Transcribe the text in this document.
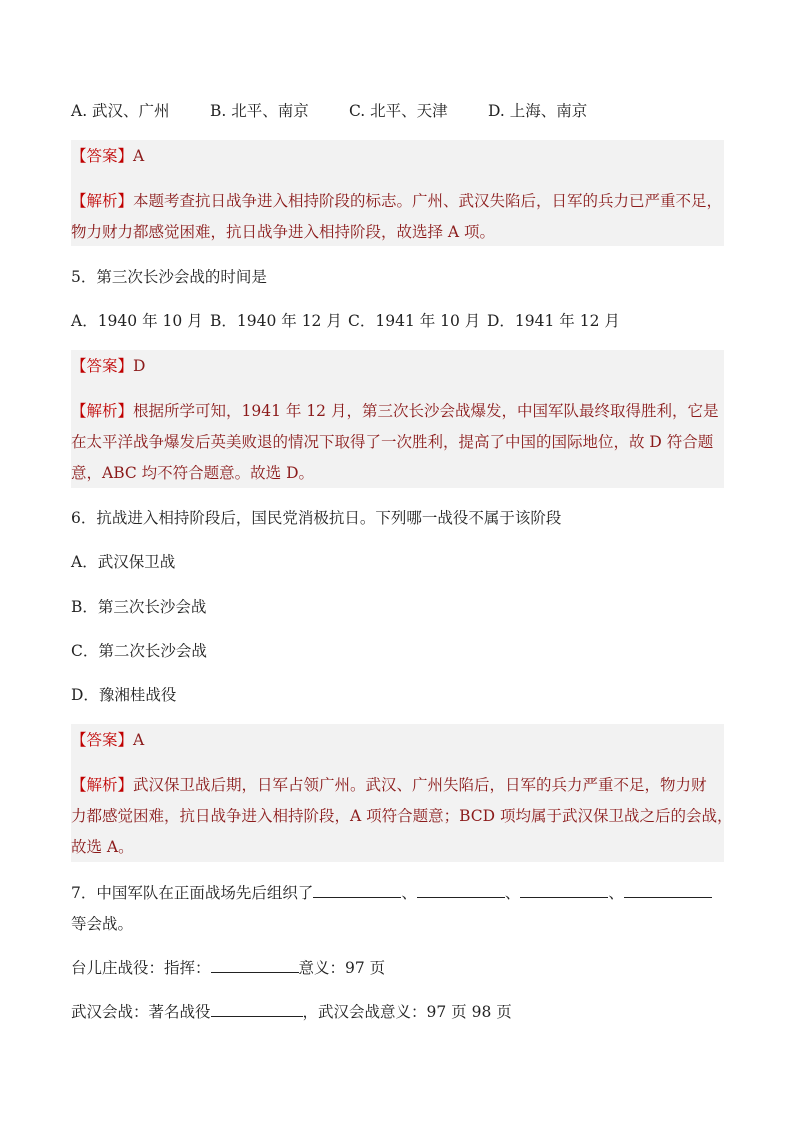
A. 武汉、广州	B. 北平、南京	C. 北平、天津	D. 上海、南京
【答案】A
【解析】本题考查抗日战争进入相持阶段的标志。广州、武汉失陷后，日军的兵力已严重不足，
物力财力都感觉困难，抗日战争进入相持阶段，故选择 A 项。
5．第三次长沙会战的时间是
A．1940 年 10 月 B．1940 年 12 月 C．1941 年 10 月 D．1941 年 12 月
【答案】D
【解析】根据所学可知，1941 年 12 月，第三次长沙会战爆发，中国军队最终取得胜利，它是
在太平洋战争爆发后英美败退的情况下取得了一次胜利，提高了中国的国际地位，故 D 符合题
意，ABC 均不符合题意。故选 D。
6．抗战进入相持阶段后，国民党消极抗日。下列哪一战役不属于该阶段
A．武汉保卫战
B．第三次长沙会战
C．第二次长沙会战
D．豫湘桂战役
【答案】A
【解析】武汉保卫战后期，日军占领广州。武汉、广州失陷后，日军的兵力严重不足，物力财
力都感觉困难，抗日战争进入相持阶段，A 项符合题意；BCD 项均属于武汉保卫战之后的会战，
故选 A。
7．中国军队在正面战场先后组织了	、	、	、
等会战。
台儿庄战役：指挥：	意义：97 页
武汉会战：著名战役	，武汉会战意义：97 页 98 页
